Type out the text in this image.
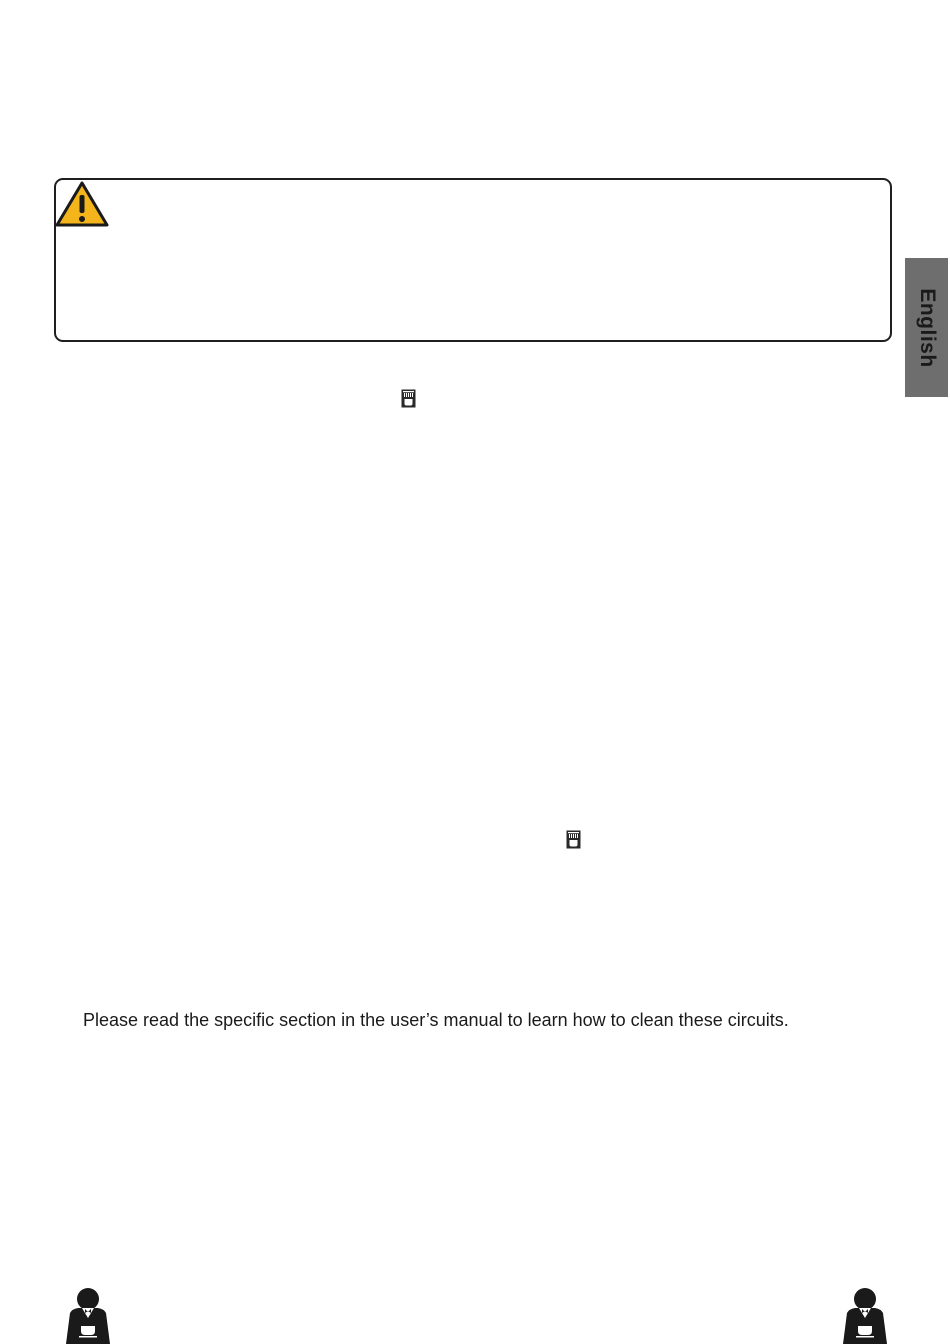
English
Please read the specific section in the user’s manual to learn how to clean these circuits.
